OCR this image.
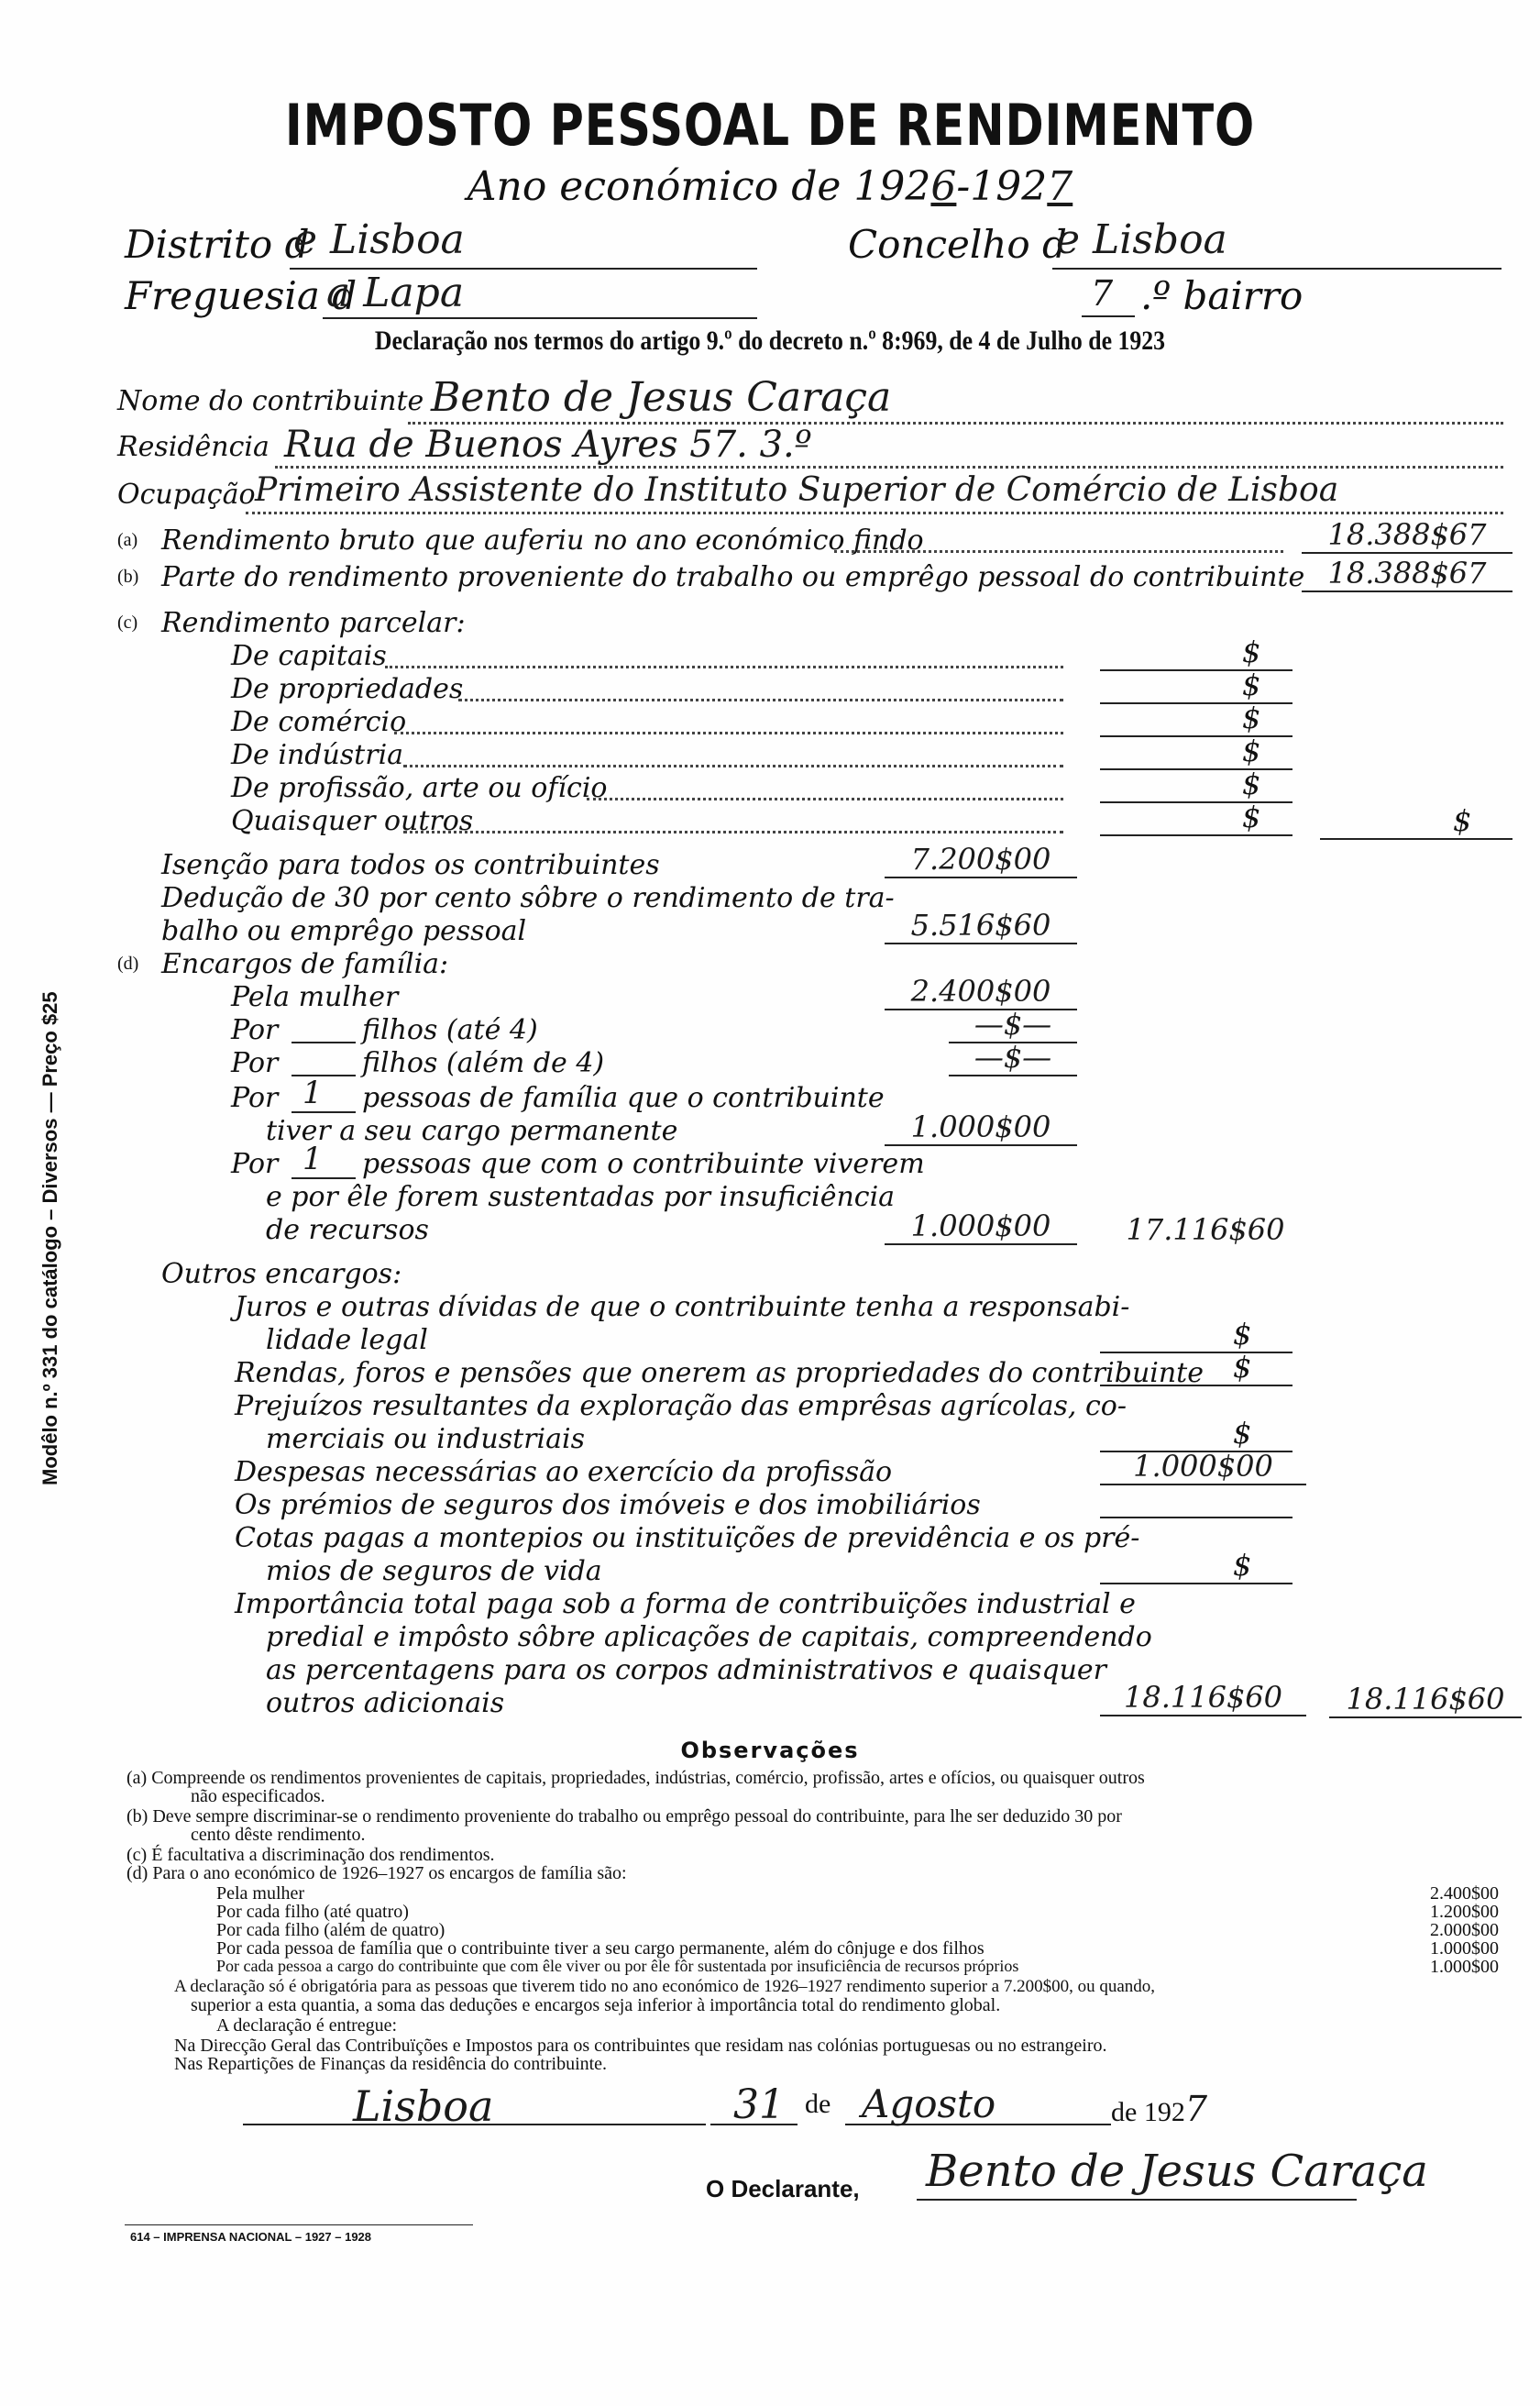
IMPOSTO PESSOAL DE RENDIMENTO
Ano económico de 1926-1927
Distrito d
e Lisboa	Concelho d
e Lisboa
Freguesia d
a Lapa	7 .º bairro
Declaração nos termos do artigo 9.º do decreto n.º 8:969, de 4 de Julho de 1923
Nome do contribuinte Bento de Jesus Caraça
Residência Rua de Buenos Ayres 57. 3.º
Ocupação Primeiro Assistente do Instituto Superior de Comércio de Lisboa
(a) Rendimento bruto que auferiu no ano económico findo	18.388$67
(b) Parte do rendimento proveniente do trabalho ou emprêgo pessoal do contribuinte 18.388$67
(c) Rendimento parcelar:
De capitais	$
De propriedades	$
De comércio	$
De indústria	$
De profissão, arte ou ofício	$
Quaisquer outros	$	$
Isenção para todos os contribuintes	7.200$00
Dedução de 30 por cento sôbre o rendimento de tra-
balho ou emprêgo pessoal	5.516$60
(d) Encargos de família:
Pela mulher	2.400$00
Por	filhos (até 4)	—$—
Por	filhos (além de 4)	—$—
Por 1 pessoas de família que o contribuinte
tiver a seu cargo permanente	1.000$00
Por 1 pessoas que com o contribuinte viverem
e por êle forem sustentadas por insuficiência
de recursos	1.000$00	17.116$60
Outros encargos:
Juros e outras dívidas de que o contribuinte tenha a responsabi-
lidade legal	$
Rendas, foros e pensões que onerem as propriedades do contribuinte $
Prejuízos resultantes da exploração das emprêsas agrícolas, co-
merciais ou industriais	$
Despesas necessárias ao exercício da profissão	1.000$00
Os prémios de seguros dos imóveis e dos imobiliários
Cotas pagas a montepios ou instituïções de previdência e os pré-
mios de seguros de vida	$
Importância total paga sob a forma de contribuïções industrial e
predial e impôsto sôbre aplicações de capitais, compreendendo
as percentagens para os corpos administrativos e quaisquer
outros adicionais	18.116$60	18.116$60
Observações
(a) Compreende os rendimentos provenientes de capitais, propriedades, indústrias, comércio, profissão, artes e ofícios, ou quaisquer outros
não especificados.
(b) Deve sempre discriminar-se o rendimento proveniente do trabalho ou emprêgo pessoal do contribuinte, para lhe ser deduzido 30 por
cento dêste rendimento.
(c) É facultativa a discriminação dos rendimentos.
(d) Para o ano económico de 1926–1927 os encargos de família são:
Pela mulher	2.400$00
Por cada filho (até quatro)	1.200$00
Por cada filho (além de quatro)	2.000$00
Por cada pessoa de família que o contribuinte tiver a seu cargo permanente, além do cônjuge e dos filhos	1.000$00
Por cada pessoa a cargo do contribuinte que com êle viver ou por êle fôr sustentada por insuficiência de recursos próprios	1.000$00
A declaração só é obrigatória para as pessoas que tiverem tido no ano económico de 1926–1927 rendimento superior a 7.200$00, ou quando,
superior a esta quantia, a soma das deduções e encargos seja inferior à importância total do rendimento global.
A declaração é entregue:
Na Direcção Geral das Contribuïções e Impostos para os contribuintes que residam nas colónias portuguesas ou no estrangeiro.
Nas Repartições de Finanças da residência do contribuinte.
Lisboa	31 de Agosto	de 1927
O Declarante, Bento de Jesus Caraça
614 – IMPRENSA NACIONAL – 1927 – 1928
Modêlo n.º 331 do catálogo – Diversos — Preço $25
